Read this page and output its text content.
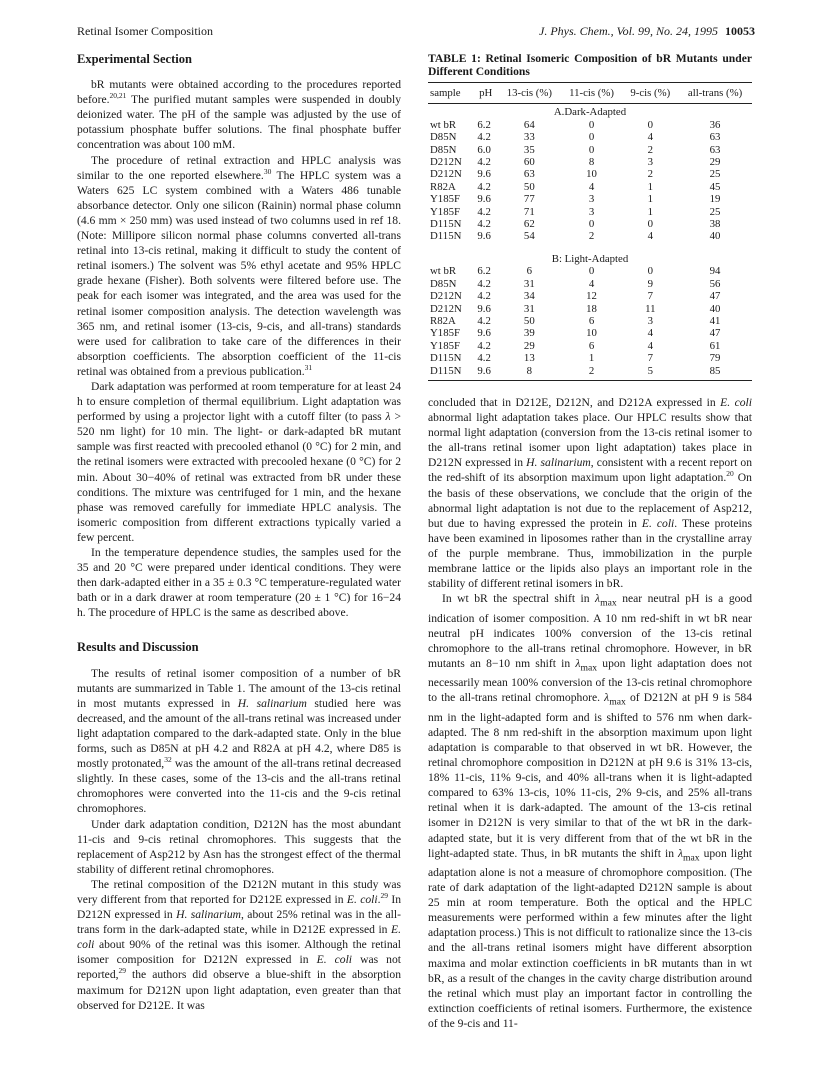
Retinal Isomer Composition	J. Phys. Chem., Vol. 99, No. 24, 1995 10053
Experimental Section

bR mutants were obtained according to the procedures reported before.$^{20,21}$ The purified mutant samples were suspended in doubly deionized water. The pH of the sample was adjusted by the use of potassium phosphate buffer solutions. The final phosphate buffer concentration was about 100 mM.

The procedure of retinal extraction and HPLC analysis was similar to the one reported elsewhere.$^{30}$ The HPLC system was a Waters 625 LC system combined with a Waters 486 tunable absorbance detector. Only one silicon (Rainin) normal phase column (4.6 mm × 250 mm) was used instead of two columns used in ref 18. (Note: Millipore silicon normal phase columns converted all-trans retinal into 13-cis retinal, making it difficult to study the content of retinal isomers.) The solvent was 5% ethyl acetate and 95% HPLC grade hexane (Fisher). Both solvents were filtered before use. The peak for each isomer was integrated, and the area was used for the retinal isomer composition analysis. The detection wavelength was 365 nm, and retinal isomer (13-cis, 9-cis, and all-trans) standards were used for calibration to take care of the differences in their absorption coefficients. The absorption coefficient of the 11-cis retinal was obtained from a previous publication.$^{31}$

Dark adaptation was performed at room temperature for at least 24 h to ensure completion of thermal equilibrium. Light adaptation was performed by using a projector light with a cutoff filter (to pass λ > 520 nm light) for 10 min. The light- or dark-adapted bR mutant sample was first reacted with precooled ethanol (0 °C) for 2 min, and the retinal isomers were extracted with precooled hexane (0 °C) for 2 min. About 30−40% of retinal was extracted from bR under these conditions. The mixture was centrifuged for 1 min, and the hexane phase was removed carefully for immediate HPLC analysis. The isomeric composition from different extractions typically varied a few percent.

In the temperature dependence studies, the samples used for the 35 and 20 °C were prepared under identical conditions. They were then dark-adapted either in a 35 ± 0.3 °C temperature-regulated water bath or in a dark drawer at room temperature (20 ± 1 °C) for 16−24 h. The procedure of HPLC is the same as described above.

Results and Discussion

The results of retinal isomer composition of a number of bR mutants are summarized in Table 1. The amount of the 13-cis retinal in most mutants expressed in H. salinarium studied here was decreased, and the amount of the all-trans retinal was increased under light adaptation compared to the dark-adapted state. Only in the blue forms, such as D85N at pH 4.2 and R82A at pH 4.2, where D85 is mostly protonated,$^{32}$ was the amount of the all-trans retinal decreased slightly. In these cases, some of the 13-cis and the all-trans retinal chromophores were converted into the 11-cis and the 9-cis retinal chromophores.

Under dark adaptation condition, D212N has the most abundant 11-cis and 9-cis retinal chromophores. This suggests that the replacement of Asp212 by Asn has the strongest effect of the thermal stability of different retinal chromophores.

The retinal composition of the D212N mutant in this study was very different from that reported for D212E expressed in E. coli.$^{29}$ In D212N expressed in H. salinarium, about 25% retinal was in the all-trans form in the dark-adapted state, while in D212E expressed in E. coli about 90% of the retinal was this isomer. Although the retinal isomer composition for D212N expressed in E. coli was not reported,$^{29}$ the authors did observe a blue-shift in the absorption maximum for D212N upon light adaptation, even greater than that observed for D212E. It was

TABLE 1: Retinal Isomeric Composition of bR Mutants under Different Conditions
sample	pH	13-cis (%)	11-cis (%)	9-cis (%)	all-trans (%)
A.Dark-Adapted					
wt bR	6.2	64	0	0	36
D85N	4.2	33	0	4	63
D85N	6.0	35	0	2	63
D212N	4.2	60	8	3	29
D212N	9.6	63	10	2	25
R82A	4.2	50	4	1	45
Y185F	9.6	77	3	1	19
Y185F	4.2	71	3	1	25
D115N	4.2	62	0	0	38
D115N	9.6	54	2	4	40

B: Light-Adapted					
wt bR	6.2	6	0	0	94
D85N	4.2	31	4	9	56
D212N	4.2	34	12	7	47
D212N	9.6	31	18	11	40
R82A	4.2	50	6	3	41
Y185F	9.6	39	10	4	47
Y185F	4.2	29	6	4	61
D115N	4.2	13	1	7	79
D115N	9.6	8	2	5	85

concluded that in D212E, D212N, and D212A expressed in E. coli abnormal light adaptation takes place. Our HPLC results show that normal light adaptation (conversion from the 13-cis retinal isomer to the all-trans retinal isomer upon light adaptation) takes place in D212N expressed in H. salinarium, consistent with a recent report on the red-shift of its absorption maximum upon light adaptation.$^{20}$ On the basis of these observations, we conclude that the origin of the abnormal light adaptation is not due to the replacement of Asp212, but due to having expressed the protein in E. coli. These proteins have been examined in liposomes rather than in the crystalline array of the purple membrane. Thus, immobilization in the purple membrane lattice or the lipids also plays an important role in the stability of different retinal isomers in bR.

In wt bR the spectral shift in $\lambda_{max}$ near neutral pH is a good indication of isomer composition. A 10 nm red-shift in wt bR near neutral pH indicates 100% conversion of the 13-cis retinal chromophore to the all-trans retinal chromophore. However, in bR mutants an 8−10 nm shift in $\lambda_{max}$ upon light adaptation does not necessarily mean 100% conversion of the 13-cis retinal chromophore to the all-trans retinal chromophore. $\lambda_{max}$ of D212N at pH 9 is 584 nm in the light-adapted form and is shifted to 576 nm when dark-adapted. The 8 nm red-shift in the absorption maximum upon light adaptation is comparable to that observed in wt bR. However, the retinal chromophore composition in D212N at pH 9.6 is 31% 13-cis, 18% 11-cis, 11% 9-cis, and 40% all-trans when it is light-adapted compared to 63% 13-cis, 10% 11-cis, 2% 9-cis, and 25% all-trans retinal when it is dark-adapted. The amount of the 13-cis retinal isomer in D212N is very similar to that of the wt bR in the dark-adapted state, but it is very different from that of the wt bR in the light-adapted state. Thus, in bR mutants the shift in $\lambda_{max}$ upon light adaptation alone is not a measure of chromophore composition. (The rate of dark adaptation of the light-adapted D212N sample is about 25 min at room temperature. Both the optical and the HPLC measurements were performed within a few minutes after the light adaptation process.) This is not difficult to rationalize since the 13-cis and the all-trans retinal isomers might have different absorption maxima and molar extinction coefficients in bR mutants than in wt bR, as a result of the changes in the cavity charge distribution around the retinal which must play an important factor in controlling the extinction coefficients of retinal isomers. Furthermore, the existence of the 9-cis and 11-
